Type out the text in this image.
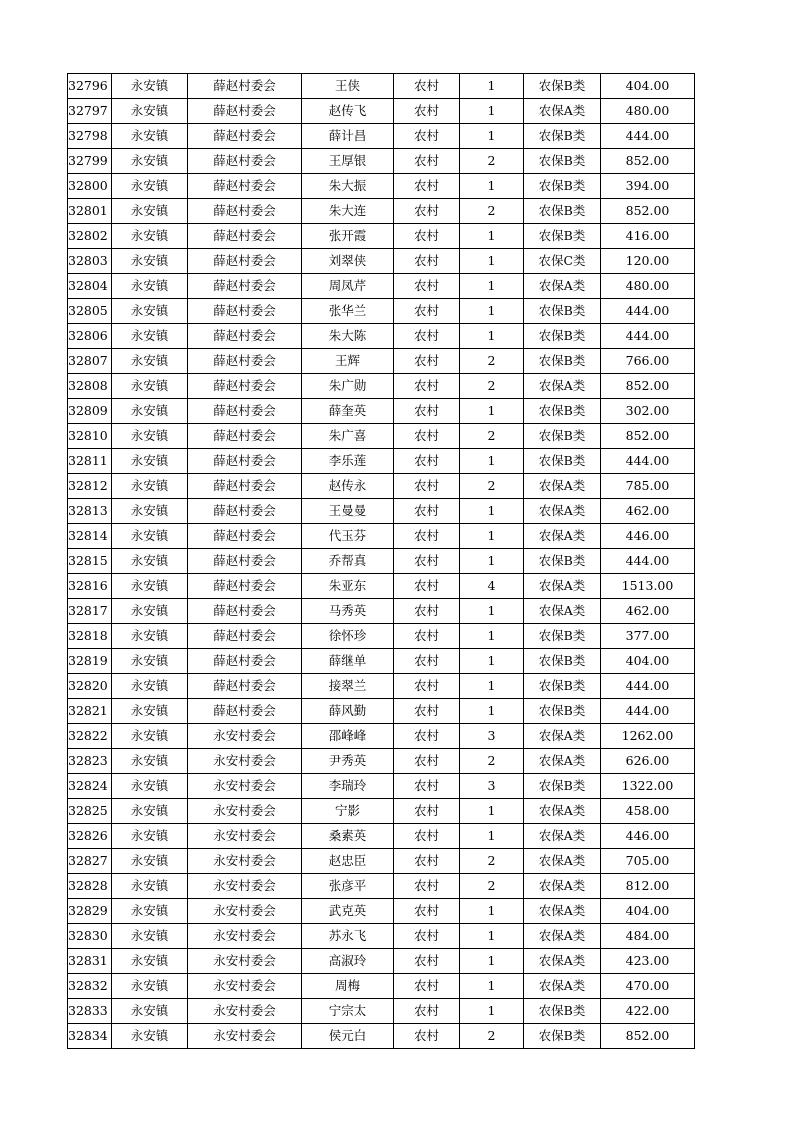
32796	永安镇	薛赵村委会	王侠	农村	1	农保B类	404.00
32797	永安镇	薛赵村委会	赵传飞	农村	1	农保A类	480.00
32798	永安镇	薛赵村委会	薛计昌	农村	1	农保B类	444.00
32799	永安镇	薛赵村委会	王厚银	农村	2	农保B类	852.00
32800	永安镇	薛赵村委会	朱大振	农村	1	农保B类	394.00
32801	永安镇	薛赵村委会	朱大连	农村	2	农保B类	852.00
32802	永安镇	薛赵村委会	张开霞	农村	1	农保B类	416.00
32803	永安镇	薛赵村委会	刘翠侠	农村	1	农保C类	120.00
32804	永安镇	薛赵村委会	周凤芹	农村	1	农保A类	480.00
32805	永安镇	薛赵村委会	张华兰	农村	1	农保B类	444.00
32806	永安镇	薛赵村委会	朱大陈	农村	1	农保B类	444.00
32807	永安镇	薛赵村委会	王辉	农村	2	农保B类	766.00
32808	永安镇	薛赵村委会	朱广勋	农村	2	农保A类	852.00
32809	永安镇	薛赵村委会	薛奎英	农村	1	农保B类	302.00
32810	永安镇	薛赵村委会	朱广喜	农村	2	农保B类	852.00
32811	永安镇	薛赵村委会	李乐莲	农村	1	农保B类	444.00
32812	永安镇	薛赵村委会	赵传永	农村	2	农保A类	785.00
32813	永安镇	薛赵村委会	王曼曼	农村	1	农保A类	462.00
32814	永安镇	薛赵村委会	代玉芬	农村	1	农保A类	446.00
32815	永安镇	薛赵村委会	乔帮真	农村	1	农保B类	444.00
32816	永安镇	薛赵村委会	朱亚东	农村	4	农保A类	1513.00
32817	永安镇	薛赵村委会	马秀英	农村	1	农保A类	462.00
32818	永安镇	薛赵村委会	徐怀珍	农村	1	农保B类	377.00
32819	永安镇	薛赵村委会	薛继单	农村	1	农保B类	404.00
32820	永安镇	薛赵村委会	接翠兰	农村	1	农保B类	444.00
32821	永安镇	薛赵村委会	薛风勤	农村	1	农保B类	444.00
32822	永安镇	永安村委会	邵峰峰	农村	3	农保A类	1262.00
32823	永安镇	永安村委会	尹秀英	农村	2	农保A类	626.00
32824	永安镇	永安村委会	李瑞玲	农村	3	农保B类	1322.00
32825	永安镇	永安村委会	宁影	农村	1	农保A类	458.00
32826	永安镇	永安村委会	桑素英	农村	1	农保A类	446.00
32827	永安镇	永安村委会	赵忠臣	农村	2	农保A类	705.00
32828	永安镇	永安村委会	张彦平	农村	2	农保A类	812.00
32829	永安镇	永安村委会	武克英	农村	1	农保A类	404.00
32830	永安镇	永安村委会	苏永飞	农村	1	农保A类	484.00
32831	永安镇	永安村委会	高淑玲	农村	1	农保A类	423.00
32832	永安镇	永安村委会	周梅	农村	1	农保A类	470.00
32833	永安镇	永安村委会	宁宗太	农村	1	农保B类	422.00
32834	永安镇	永安村委会	侯元白	农村	2	农保B类	852.00
